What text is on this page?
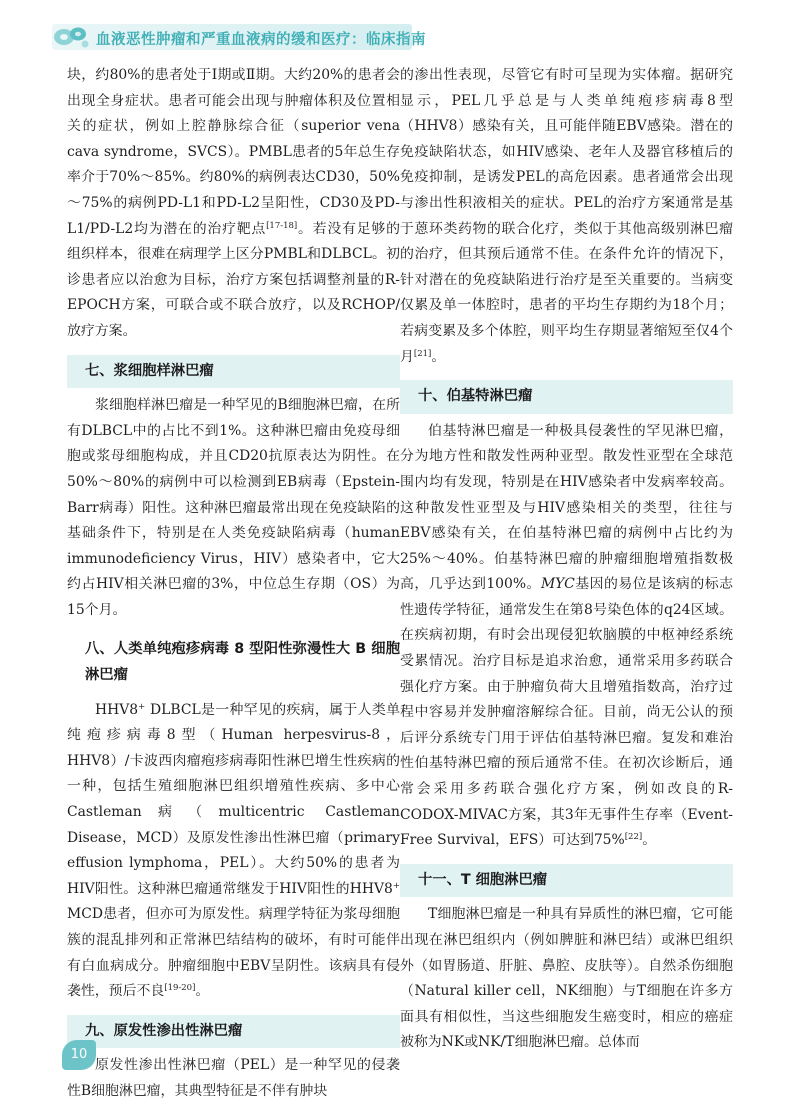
血液恶性肿瘤和严重血液病的缓和医疗：临床指南

块，约80%的患者处于Ⅰ期或Ⅱ期。大约20%的患者会出现全身症状。患者可能会出现与肿瘤体积及位置相关的症状，例如上腔静脉综合征（superior vena cava syndrome，SVCS）。PMBL患者的5年总生存率介于70%～85%。约80%的病例表达CD30，50%～75%的病例PD-L1和PD-L2呈阳性，CD30及PD-L1/PD-L2均为潜在的治疗靶点[17-18]。若没有足够的组织样本，很难在病理学上区分PMBL和DLBCL。初诊患者应以治愈为目标，治疗方案包括调整剂量的R-EPOCH方案，可联合或不联合放疗，以及RCHOP/放疗方案。

七、浆细胞样淋巴瘤

浆细胞样淋巴瘤是一种罕见的B细胞淋巴瘤，在所有DLBCL中的占比不到1%。这种淋巴瘤由免疫母细胞或浆母细胞构成，并且CD20抗原表达为阴性。在50%～80%的病例中可以检测到EB病毒（Epstein-Barr病毒）阳性。这种淋巴瘤最常出现在免疫缺陷的基础条件下，特别是在人类免疫缺陷病毒（human immunodeficiency Virus，HIV）感染者中，它大约占HIV相关淋巴瘤的3%，中位总生存期（OS）为15个月。

八、人类单纯疱疹病毒 8 型阳性弥漫性大 B 细胞淋巴瘤

HHV8+ DLBCL是一种罕见的疾病，属于人类单纯疱疹病毒8型（Human herpesvirus-8，HHV8）/卡波西肉瘤疱疹病毒阳性淋巴增生性疾病的一种，包括生殖细胞淋巴组织增殖性疾病、多中心Castleman病（multicentric Castleman Disease，MCD）及原发性渗出性淋巴瘤（primary effusion lymphoma，PEL）。大约50%的患者为HIV阳性。这种淋巴瘤通常继发于HIV阳性的HHV8+ MCD患者，但亦可为原发性。病理学特征为浆母细胞簇的混乱排列和正常淋巴结结构的破坏，有时可能伴有白血病成分。肿瘤细胞中EBV呈阴性。该病具有侵袭性，预后不良[19-20]。

九、原发性渗出性淋巴瘤

原发性渗出性淋巴瘤（PEL）是一种罕见的侵袭性B细胞淋巴瘤，其典型特征是不伴有肿块

的渗出性表现，尽管它有时可呈现为实体瘤。据研究显示，PEL几乎总是与人类单纯疱疹病毒8型（HHV8）感染有关，且可能伴随EBV感染。潜在的免疫缺陷状态，如HIV感染、老年人及器官移植后的免疫抑制，是诱发PEL的高危因素。患者通常会出现与渗出性积液相关的症状。PEL的治疗方案通常是基于蒽环类药物的联合化疗，类似于其他高级别淋巴瘤的治疗，但其预后通常不佳。在条件允许的情况下，针对潜在的免疫缺陷进行治疗是至关重要的。当病变仅累及单一体腔时，患者的平均生存期约为18个月；若病变累及多个体腔，则平均生存期显著缩短至仅4个月[21]。

十、伯基特淋巴瘤

伯基特淋巴瘤是一种极具侵袭性的罕见淋巴瘤，分为地方性和散发性两种亚型。散发性亚型在全球范围内均有发现，特别是在HIV感染者中发病率较高。这种散发性亚型及与HIV感染相关的类型，往往与EBV感染有关，在伯基特淋巴瘤的病例中占比约为25%～40%。伯基特淋巴瘤的肿瘤细胞增殖指数极高，几乎达到100%。MYC基因的易位是该病的标志性遗传学特征，通常发生在第8号染色体的q24区域。在疾病初期，有时会出现侵犯软脑膜的中枢神经系统受累情况。治疗目标是追求治愈，通常采用多药联合强化疗方案。由于肿瘤负荷大且增殖指数高，治疗过程中容易并发肿瘤溶解综合征。目前，尚无公认的预后评分系统专门用于评估伯基特淋巴瘤。复发和难治性伯基特淋巴瘤的预后通常不佳。在初次诊断后，通常会采用多药联合强化疗方案，例如改良的R-CODOX-MIVAC方案，其3年无事件生存率（Event-Free Survival，EFS）可达到75%[22]。

十一、T 细胞淋巴瘤

T细胞淋巴瘤是一种具有异质性的淋巴瘤，它可能出现在淋巴组织内（例如脾脏和淋巴结）或淋巴组织外（如胃肠道、肝脏、鼻腔、皮肤等）。自然杀伤细胞（Natural killer cell，NK细胞）与T细胞在许多方面具有相似性，当这些细胞发生癌变时，相应的癌症被称为NK或NK/T细胞淋巴瘤。总体而

10
